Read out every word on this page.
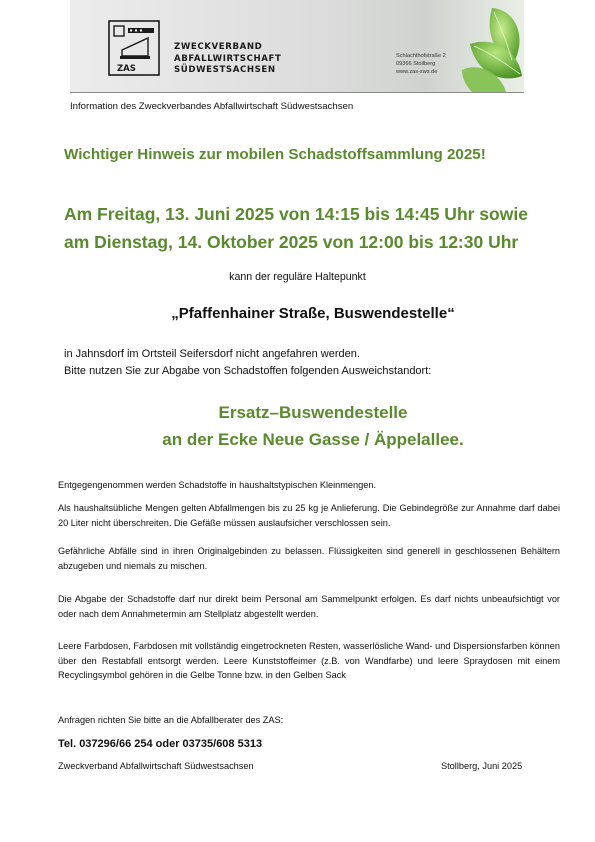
ZAS
ZWECKVERBAND
ABFALLWIRTSCHAFT
SÜDWESTSACHSEN
Schlachthofstraße 2
09366 Stollberg
www.zas-sws.de
Information des Zweckverbandes Abfallwirtschaft Südwestsachsen
Wichtiger Hinweis zur mobilen Schadstoffsammlung 2025!
Am Freitag, 13. Juni 2025 von 14:15 bis 14:45 Uhr sowie
am Dienstag, 14. Oktober 2025 von 12:00 bis 12:30 Uhr
kann der reguläre Haltepunkt
„Pfaffenhainer Straße, Buswendestelle“
in Jahnsdorf im Ortsteil Seifersdorf nicht angefahren werden.
Bitte nutzen Sie zur Abgabe von Schadstoffen folgenden Ausweichstandort:
Ersatz–Buswendestelle
an der Ecke Neue Gasse / Äppelallee.
Entgegengenommen werden Schadstoffe in haushaltstypischen Kleinmengen.
Als haushaltsübliche Mengen gelten Abfallmengen bis zu 25 kg je Anlieferung. Die Gebindegröße zur Annahme darf dabei 20 Liter nicht überschreiten. Die Gefäße müssen auslaufsicher verschlossen sein.
Gefährliche Abfälle sind in ihren Originalgebinden zu belassen. Flüssigkeiten sind generell in geschlossenen Behältern abzugeben und niemals zu mischen.
Die Abgabe der Schadstoffe darf nur direkt beim Personal am Sammelpunkt erfolgen. Es darf nichts unbeaufsichtigt vor oder nach dem Annahmetermin am Stellplatz abgestellt werden.
Leere Farbdosen, Farbdosen mit vollständig eingetrockneten Resten, wasserlösliche Wand- und Dispersionsfarben können über den Restabfall entsorgt werden. Leere Kunststoffeimer (z.B. von Wandfarbe) und leere Spraydosen mit einem Recyclingsymbol gehören in die Gelbe Tonne bzw. in den Gelben Sack
Anfragen richten Sie bitte an die Abfallberater des ZAS:
Tel. 037296/66 254 oder 03735/608 5313
Zweckverband Abfallwirtschaft Südwestsachsen	Stollberg, Juni 2025
